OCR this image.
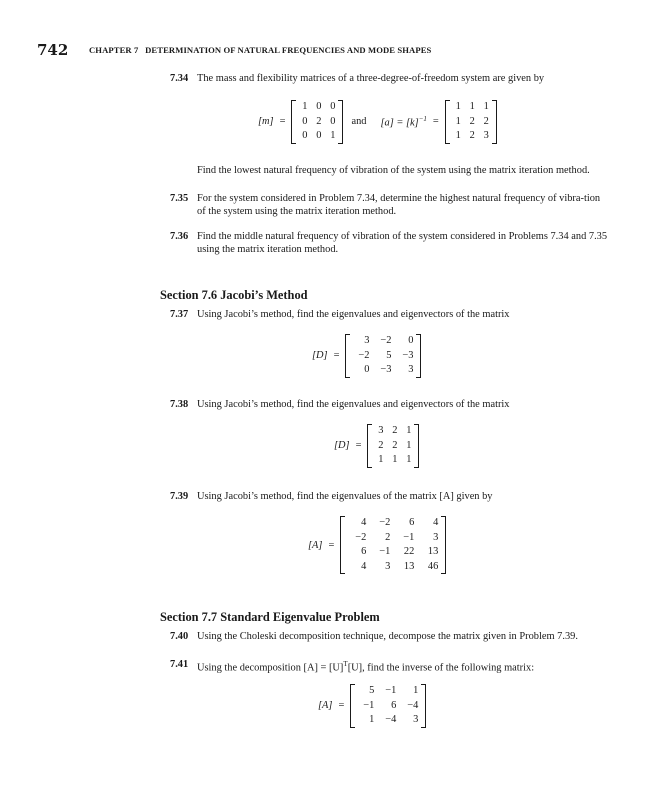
742 CHAPTER 7 DETERMINATION OF NATURAL FREQUENCIES AND MODE SHAPES
7.34 The mass and flexibility matrices of a three-degree-of-freedom system are given by
[m] =
1	0	0
0	2	0
0	0	1
and $[a] = [k]^{-1}$ =
1	1	1
1	2	2
1	2	3
Find the lowest natural frequency of vibration of the system using the matrix iteration method.
7.35 For the system considered in Problem 7.34, determine the highest natural frequency of vibra-tion of the system using the matrix iteration method.
7.36 Find the middle natural frequency of vibration of the system considered in Problems 7.34 and 7.35 using the matrix iteration method.
Section 7.6 Jacobi’s Method
7.37 Using Jacobi’s method, find the eigenvalues and eigenvectors of the matrix
[D] =
3	−2	0
−2	5	−3
0	−3	3
7.38 Using Jacobi’s method, find the eigenvalues and eigenvectors of the matrix
[D] =
3	2	1
2	2	1
1	1	1
7.39 Using Jacobi’s method, find the eigenvalues of the matrix [A] given by
[A] =
4	−2	6	4
−2	2	−1	3
6	−1	22	13
4	3	13	46
Section 7.7 Standard Eigenvalue Problem
7.40 Using the Choleski decomposition technique, decompose the matrix given in Problem 7.39.
7.41 Using the decomposition $[A] = [U]^T[U]$, find the inverse of the following matrix:
[A] =
5	−1	1
−1	6	−4
1	−4	3
